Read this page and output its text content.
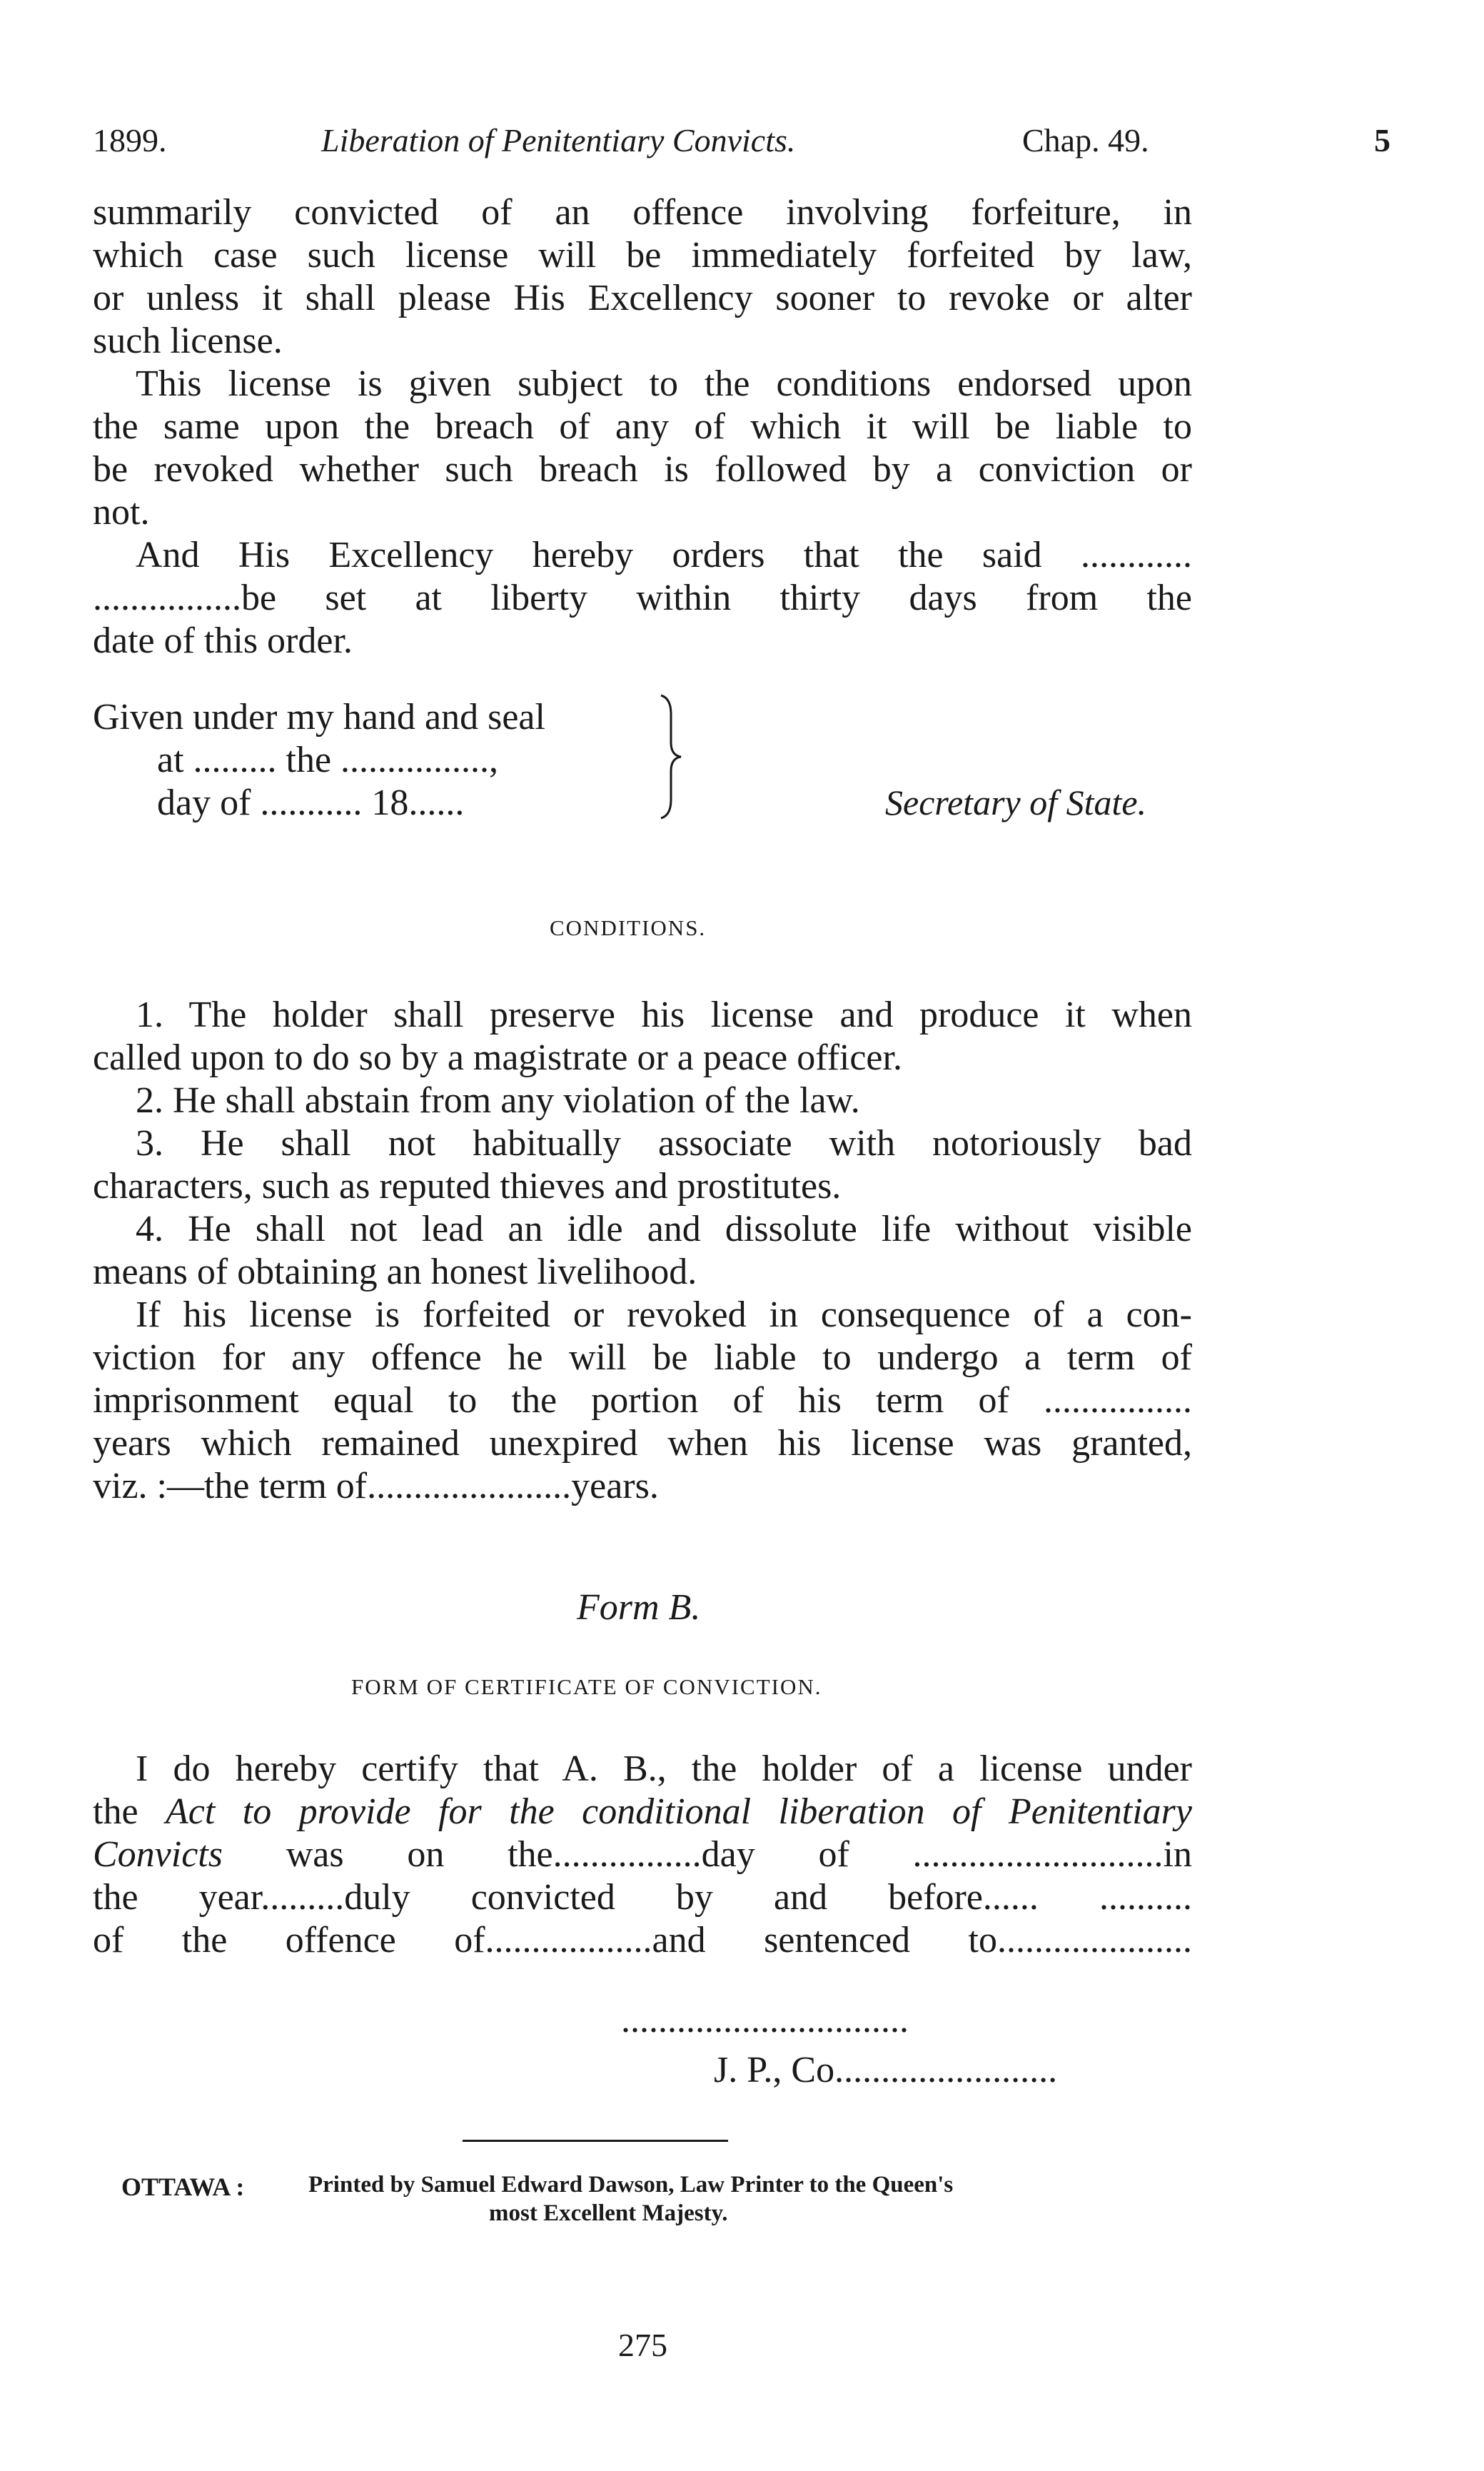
1899.	Liberation of Penitentiary Convicts.	Chap. 49.	5
summarily convicted of an offence involving forfeiture, in
which case such license will be immediately forfeited by law,
or unless it shall please His Excellency sooner to revoke or alter
such license.
This license is given subject to the conditions endorsed upon
the same upon the breach of any of which it will be liable to
be revoked whether such breach is followed by a conviction or
not.
And His Excellency hereby orders that the said ............
................be set at liberty within thirty days from the
date of this order.
Given under my hand and seal
at ......... the ................,
day of ........... 18......	Secretary of State.
CONDITIONS.
1. The holder shall preserve his license and produce it when
called upon to do so by a magistrate or a peace officer.
2. He shall abstain from any violation of the law.
3. He shall not habitually associate with notoriously bad
characters, such as reputed thieves and prostitutes.
4. He shall not lead an idle and dissolute life without visible
means of obtaining an honest livelihood.
If his license is forfeited or revoked in consequence of a con-
viction for any offence he will be liable to undergo a term of
imprisonment equal to the portion of his term of ................
years which remained unexpired when his license was granted,
viz. :—the term of......................years.
Form B.
FORM OF CERTIFICATE OF CONVICTION.
I do hereby certify that A. B., the holder of a license under
the Act to provide for the conditional liberation of Penitentiary
Convicts was on the................day of ...........................in
the year.........duly convicted by and before...... ..........
of the offence of..................and sentenced to.....................
...............................
J. P., Co........................
OTTAWA :	Printed by Samuel Edward Dawson, Law Printer to the Queen's
most Excellent Majesty.
275
